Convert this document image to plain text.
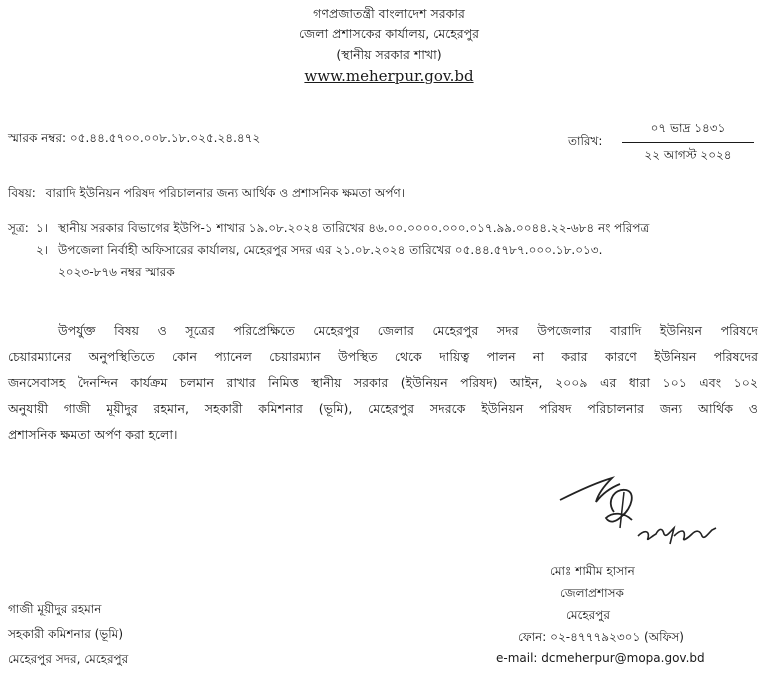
গণপ্রজাতন্ত্রী বাংলাদেশ সরকার
জেলা প্রশাসকের কার্যালয়, মেহেরপুর
(স্থানীয় সরকার শাখা)
www.meherpur.gov.bd
স্মারক নম্বর: ০৫.৪৪.৫৭০০.০০৮.১৮.০২৫.২৪.৪৭২	তারিখ:
০৭ ভাদ্র ১৪৩১
২২ আগস্ট ২০২৪
বিষয়: বারাদি ইউনিয়ন পরিষদ পরিচালনার জন্য আর্থিক ও প্রশাসনিক ক্ষমতা অর্পণ।
সূত্র: ১। স্থানীয় সরকার বিভাগের ইউপি-১ শাখার ১৯.০৮.২০২৪ তারিখের ৪৬.০০.০০০০.০০০.০১৭.৯৯.০০৪৪.২২-৬৮৪ নং পরিপত্র
২। উপজেলা নির্বাহী অফিসারের কার্যালয়, মেহেরপুর সদর এর ২১.০৮.২০২৪ তারিখের ০৫.৪৪.৫৭৮৭.০০০.১৮.০১৩.
২০২৩-৮৭৬ নম্বর স্মারক
উপর্যুক্ত বিষয় ও সূত্রের পরিপ্রেক্ষিতে মেহেরপুর জেলার মেহেরপুর সদর উপজেলার বারাদি ইউনিয়ন পরিষদে
চেয়ারম্যানের অনুপস্থিতিতে কোন প্যানেল চেয়ারম্যান উপস্থিত থেকে দায়িত্ব পালন না করার কারণে ইউনিয়ন পরিষদের
জনসেবাসহ দৈনন্দিন কার্যক্রম চলমান রাখার নিমিত্ত স্থানীয় সরকার (ইউনিয়ন পরিষদ) আইন, ২০০৯ এর ধারা ১০১ এবং ১০২
অনুযায়ী গাজী মূয়ীদুর রহমান, সহকারী কমিশনার (ভূমি), মেহেরপুর সদরকে ইউনিয়ন পরিষদ পরিচালনার জন্য আর্থিক ও
প্রশাসনিক ক্ষমতা অর্পণ করা হলো।
মোঃ শামীম হাসান
জেলাপ্রশাসক
মেহেরপুর
ফোন: ০২-৪৭৭৭৯২৩০১ (অফিস)
e-mail: dcmeherpur@mopa.gov.bd
গাজী মূয়ীদুর রহমান
সহকারী কমিশনার (ভূমি)
মেহেরপুর সদর, মেহেরপুর
